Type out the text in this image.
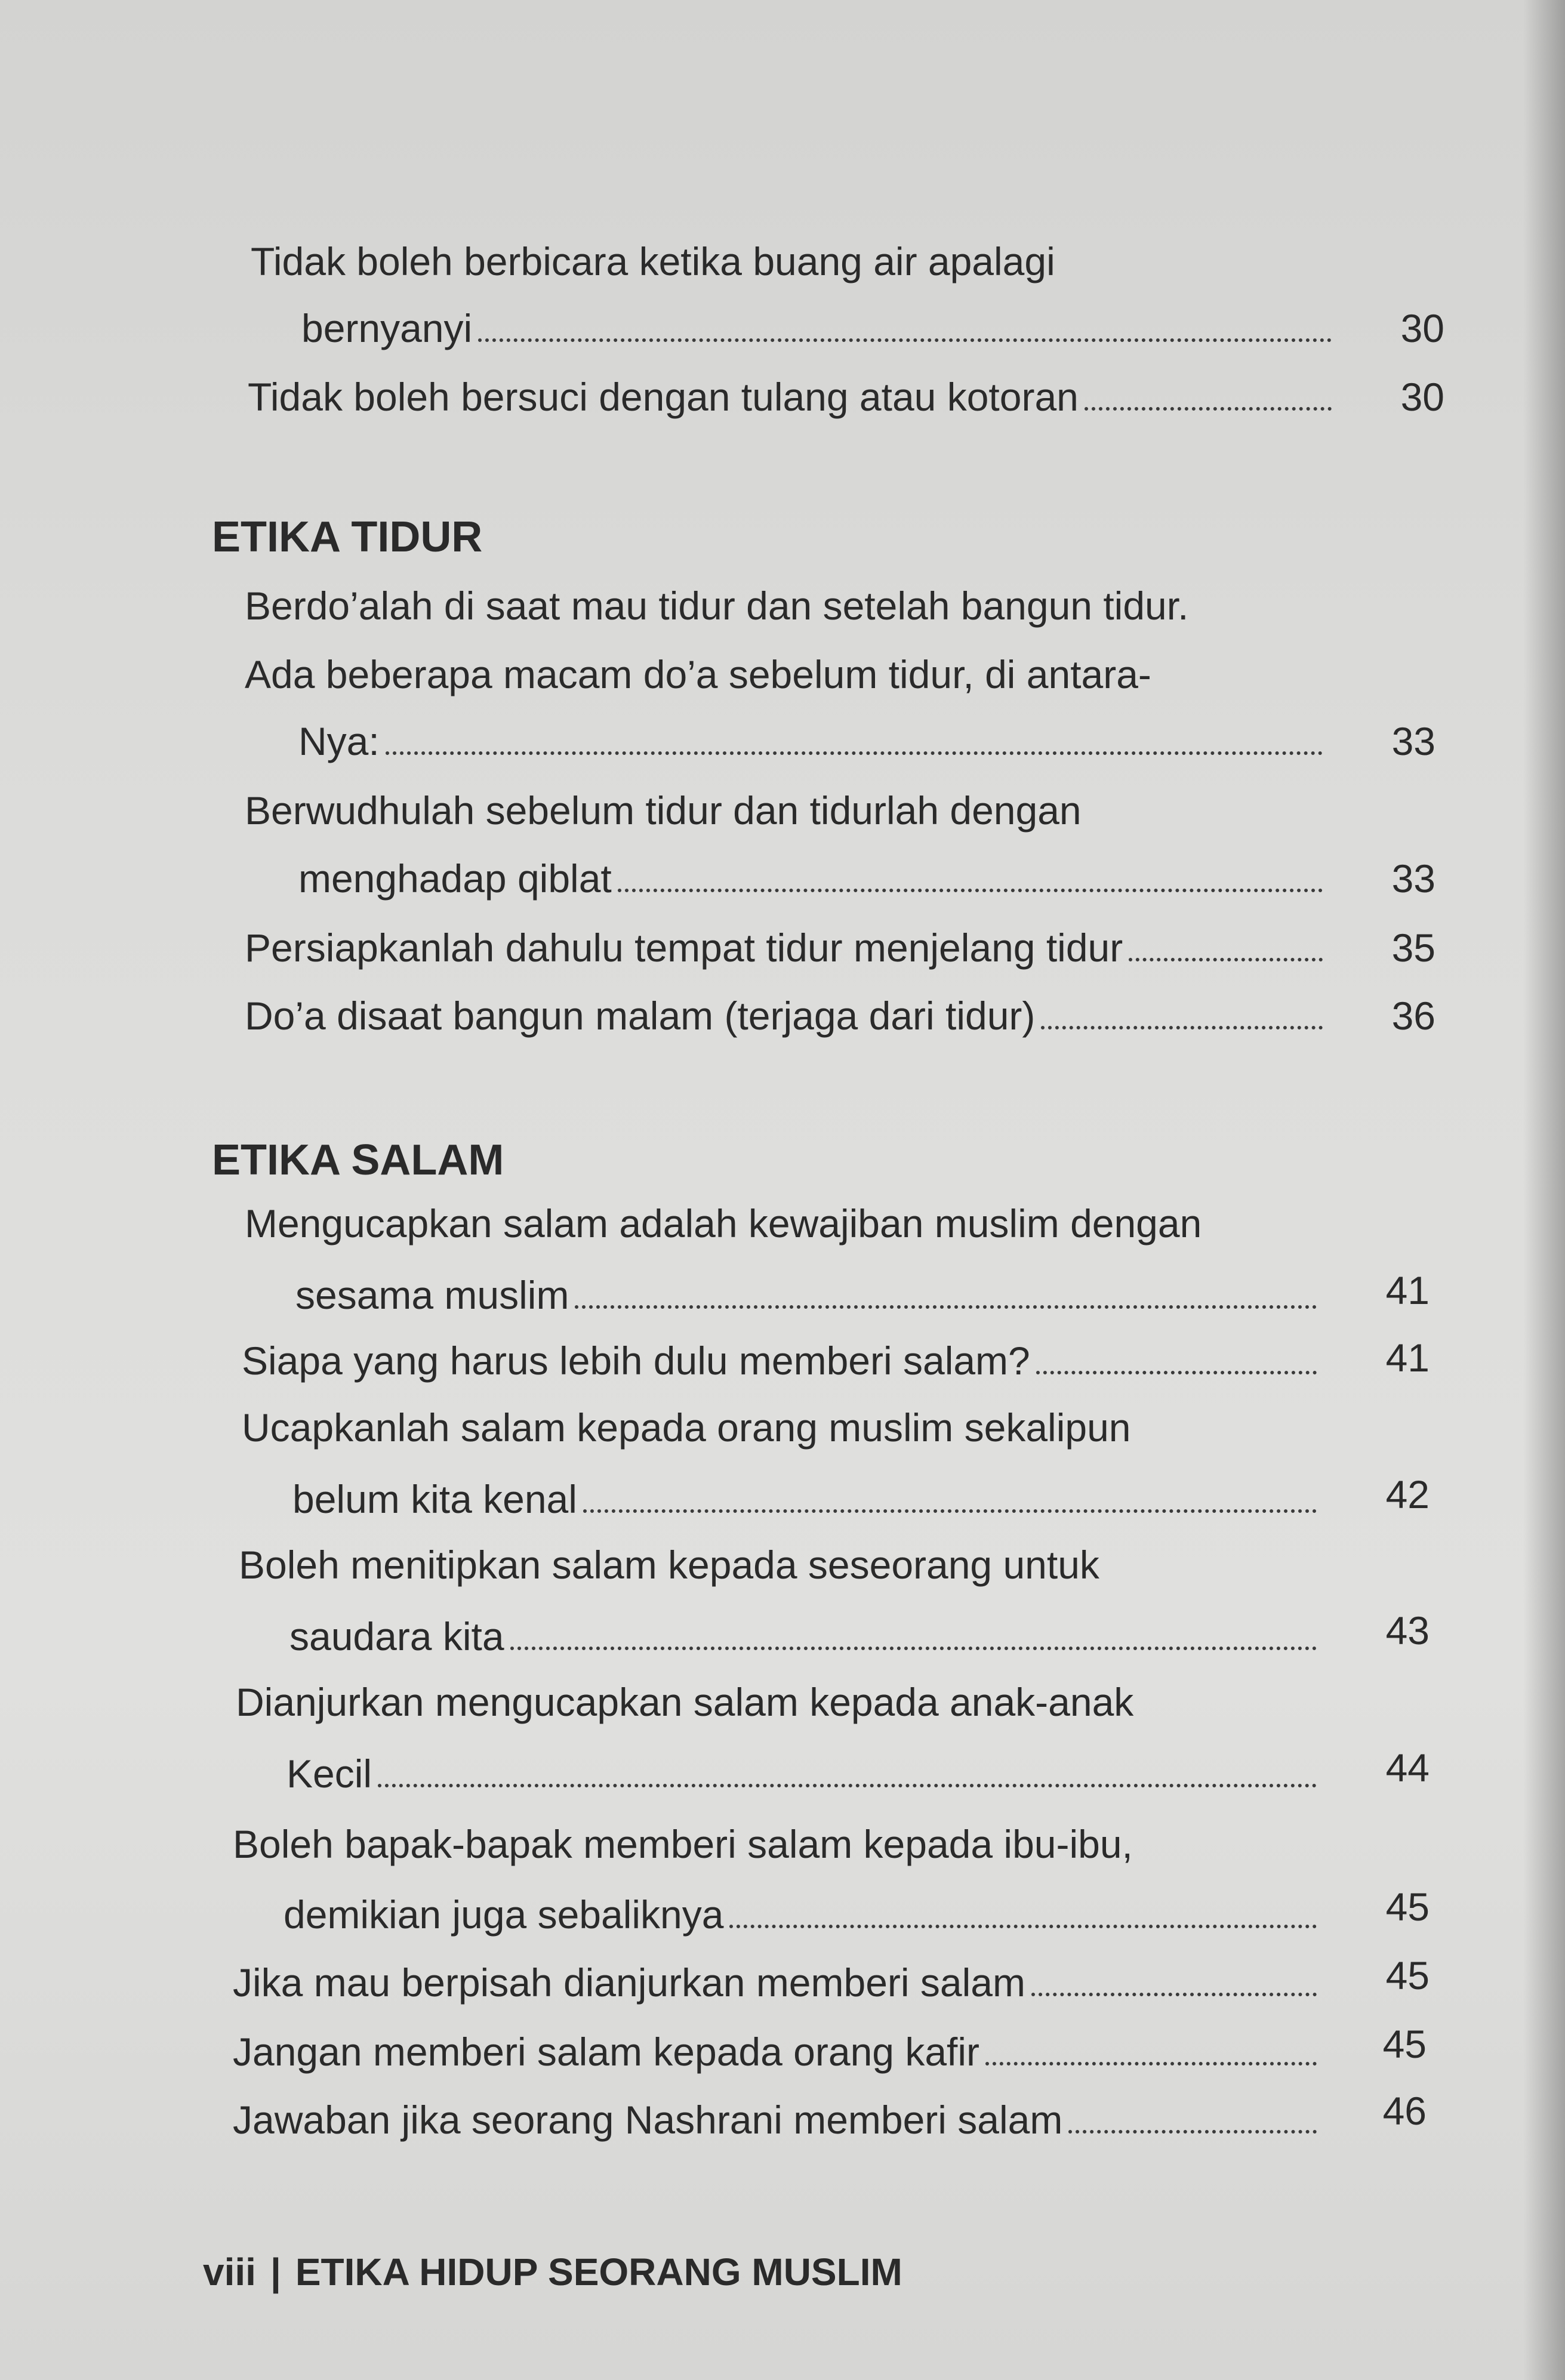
Tidak boleh berbicara ketika buang air apalagi
bernyanyi	30
Tidak boleh bersuci dengan tulang atau kotoran	30
ETIKA TIDUR
Berdo’alah di saat mau tidur dan setelah bangun tidur.
Ada beberapa macam do’a sebelum tidur, di antara-
Nya:	33
Berwudhulah sebelum tidur dan tidurlah dengan
menghadap qiblat	33
Persiapkanlah dahulu tempat tidur menjelang tidur	35
Do’a disaat bangun malam (terjaga dari tidur)	36
ETIKA SALAM
Mengucapkan salam adalah kewajiban muslim dengan
sesama muslim	41
Siapa yang harus lebih dulu memberi salam?	41
Ucapkanlah salam kepada orang muslim sekalipun
belum kita kenal	42
Boleh menitipkan salam kepada seseorang untuk
saudara kita	43
Dianjurkan mengucapkan salam kepada anak-anak
Kecil	44
Boleh bapak-bapak memberi salam kepada ibu-ibu,
demikian juga sebaliknya	45
Jika mau berpisah dianjurkan memberi salam	45
Jangan memberi salam kepada orang kafir	45
Jawaban jika seorang Nashrani memberi salam	46
viii | ETIKA HIDUP SEORANG MUSLIM
